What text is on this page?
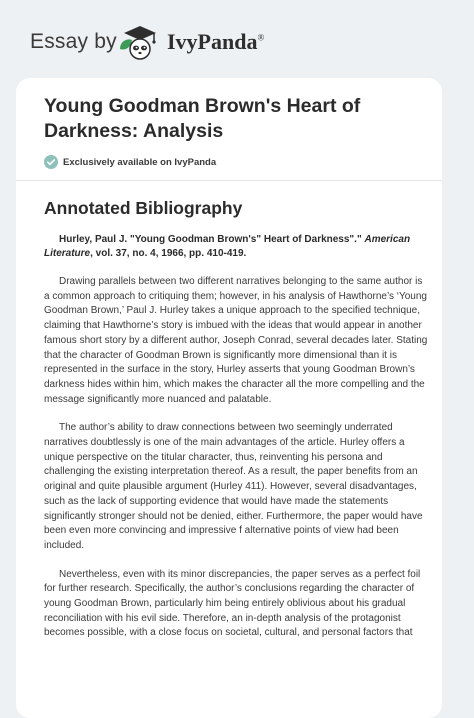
Essay by IvyPanda®
Young Goodman Brown's Heart of Darkness: Analysis
Exclusively available on IvyPanda
Annotated Bibliography

Hurley, Paul J. "Young Goodman Brown's" Heart of Darkness"." American Literature, vol. 37, no. 4, 1966, pp. 410-419.

Drawing parallels between two different narratives belonging to the same author is a common approach to critiquing them; however, in his analysis of Hawthorne’s ‘Young Goodman Brown,’ Paul J. Hurley takes a unique approach to the specified technique, claiming that Hawthorne’s story is imbued with the ideas that would appear in another famous short story by a different author, Joseph Conrad, several decades later. Stating that the character of Goodman Brown is significantly more dimensional than it is represented in the surface in the story, Hurley asserts that young Goodman Brown’s darkness hides within him, which makes the character all the more compelling and the message significantly more nuanced and palatable.

The author’s ability to draw connections between two seemingly underrated narratives doubtlessly is one of the main advantages of the article. Hurley offers a unique perspective on the titular character, thus, reinventing his persona and challenging the existing interpretation thereof. As a result, the paper benefits from an original and quite plausible argument (Hurley 411). However, several disadvantages, such as the lack of supporting evidence that would have made the statements significantly stronger should not be denied, either. Furthermore, the paper would have been even more convincing and impressive f alternative points of view had been included.

Nevertheless, even with its minor discrepancies, the paper serves as a perfect foil for further research. Specifically, the author’s conclusions regarding the character of young Goodman Brown, particularly him being entirely oblivious about his gradual reconciliation with his evil side. Therefore, an in-depth analysis of the protagonist becomes possible, with a close focus on societal, cultural, and personal factors that
